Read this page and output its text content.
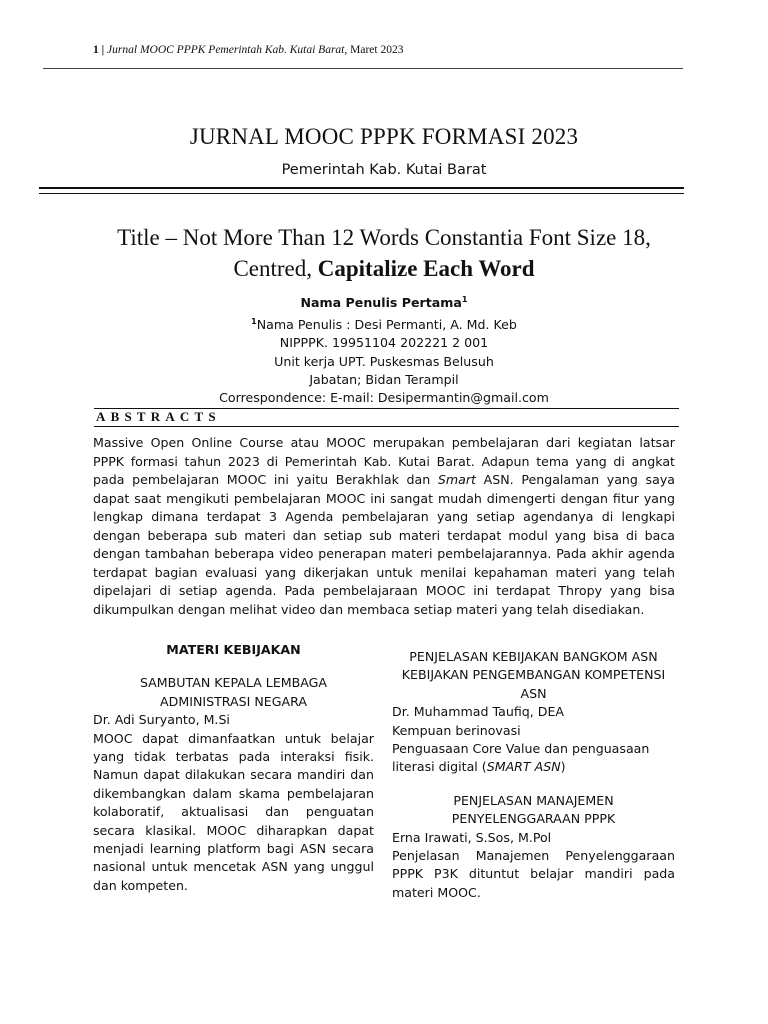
1 | Jurnal MOOC PPPK Pemerintah Kab. Kutai Barat, Maret 2023
JURNAL MOOC PPPK FORMASI 2023
Pemerintah Kab. Kutai Barat
Title – Not More Than 12 Words Constantia Font Size 18,
Centred, Capitalize Each Word
Nama Penulis Pertama$^1$
$^1$Nama Penulis : Desi Permanti, A. Md. Keb
NIPPPK. 19951104 202221 2 001
Unit kerja UPT. Puskesmas Belusuh
Jabatan; Bidan Terampil
Correspondence: E-mail: Desipermantin@gmail.com
ABSTRACTS
Massive Open Online Course atau MOOC merupakan pembelajaran dari kegiatan latsar PPPK formasi tahun 2023 di Pemerintah Kab. Kutai Barat. Adapun tema yang di angkat pada pembelajaran MOOC ini yaitu Berakhlak dan Smart ASN. Pengalaman yang saya dapat saat mengikuti pembelajaran MOOC ini sangat mudah dimengerti dengan fitur yang lengkap dimana terdapat 3 Agenda pembelajaran yang setiap agendanya di lengkapi dengan beberapa sub materi dan setiap sub materi terdapat modul yang bisa di baca dengan tambahan beberapa video penerapan materi pembelajarannya. Pada akhir agenda terdapat bagian evaluasi yang dikerjakan untuk menilai kepahaman materi yang telah dipelajari di setiap agenda. Pada pembelajaraan MOOC ini terdapat Thropy yang bisa dikumpulkan dengan melihat video dan membaca setiap materi yang telah disediakan.
MATERI KEBIJAKAN
SAMBUTAN KEPALA LEMBAGA
ADMINISTRASI NEGARA
Dr. Adi Suryanto, M.Si
MOOC dapat dimanfaatkan untuk belajar yang tidak terbatas pada interaksi fisik. Namun dapat dilakukan secara mandiri dan dikembangkan dalam skama pembelajaran kolaboratif, aktualisasi dan penguatan secara klasikal. MOOC diharapkan dapat menjadi learning platform bagi ASN secara nasional untuk mencetak ASN yang unggul dan kompeten.
PENJELASAN KEBIJAKAN BANGKOM ASN
KEBIJAKAN PENGEMBANGAN KOMPETENSI
ASN
Dr. Muhammad Taufiq, DEA
Kempuan berinovasi
Penguasaan Core Value dan penguasaan literasi digital (SMART ASN)
PENJELASAN MANAJEMEN
PENYELENGGARAAN PPPK
Erna Irawati, S.Sos, M.Pol
Penjelasan Manajemen Penyelenggaraan PPPK P3K dituntut belajar mandiri pada materi MOOC.
